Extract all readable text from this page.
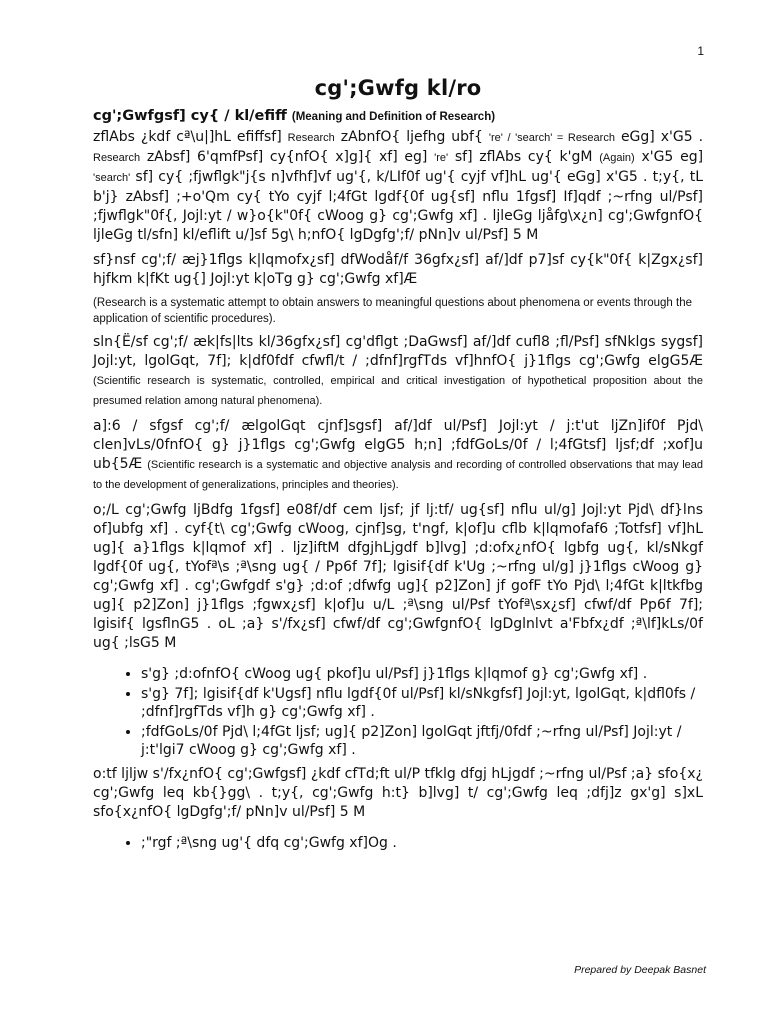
1
cg';Gwfg kl/ro
cg';Gwfgsf] cy{ / kl/efiff (Meaning and Definition of Research)

zflAbs ¿kdf cª\u|]hL efiffsf] Research zAbnfO{ ljefhg ubf{ 're' / 'search' = Research eGg] x'G5 . Research zAbsf] 6'qmfPsf] cy{nfO{ x]g]{ xf] eg] 're' sf] zflAbs cy{ k'gM (Again) x'G5 eg] 'search' sf] cy{ ;fjwflgk"j{s n]vfhf]vf ug'{, k/LIf0f ug'{ cyjf vf]hL ug'{ eGg] x'G5 . t;y{, tL b'j} zAbsf] ;+o'Qm cy{ tYo cyjf l;4fGt lgdf{0f ug{sf] nflu 1fgsf] If]qdf ;~rfng ul/Psf] ;fjwflgk"0f{, Jojl:yt / w}o{k"0f{ cWoog g} cg';Gwfg xf] . ljleGg ljåfg\x¿n] cg';GwfgnfO{ ljleGg tl/sfn] kl/eflift u/]sf 5g\ h;nfO{ lgDgfg';f/ pNn]v ul/Psf] 5 M

sf}nsf cg';f/ æj}1flgs k|lqmofx¿sf] dfWodåf/f 36gfx¿sf] af/]df p7]sf cy{k"0f{ k|Zgx¿sf] hjfkm k|fKt ug{] Jojl:yt k|oTg g} cg';Gwfg xf]Æ

(Research is a systematic attempt to obtain answers to meaningful questions about phenomena or events through the application of scientific procedures).

sln{Ë/sf cg';f/ æk|fs|lts kl/36gfx¿sf] cg'dflgt ;DaGwsf] af/]df cufl8 ;fl/Psf] sfNklgs sygsf] Jojl:yt, lgolGqt, 7f]; k|df0fdf cfwfl/t / ;dfnf]rgfTds vf]hnfO{ j}1flgs cg';Gwfg elgG5Æ (Scientific research is systematic, controlled, empirical and critical investigation of hypothetical proposition about the presumed relation among natural phenomena).

a]:6 / sfgsf cg';f/ ælgolGqt cjnf]sgsf] af/]df ul/Psf] Jojl:yt / j:t'ut ljZn]if0f Pjd\ clen]vLs/0fnfO{ g} j}1flgs cg';Gwfg elgG5 h;n] ;fdfGoLs/0f / l;4fGtsf] ljsf;df ;xof]u ub{5Æ (Scientific research is a systematic and objective analysis and recording of controlled observations that may lead to the development of generalizations, principles and theories).

o;/L cg';Gwfg ljBdfg 1fgsf] e08f/df cem ljsf; jf lj:tf/ ug{sf] nflu ul/g] Jojl:yt Pjd\ df}lns of]ubfg xf] . cyf{t\ cg';Gwfg cWoog, cjnf]sg, t'ngf, k|of]u cflb k|lqmofaf6 ;Totfsf] vf]hL ug]{ a}1flgs k|lqmof xf] . ljz]iftM dfgjhLjgdf b]lvg] ;d:ofx¿nfO{ lgbfg ug{, kl/sNkgf lgdf{0f ug{, tYofª\s ;ª\sng ug{ / Pp6f 7f]; lgisif{df k'Ug ;~rfng ul/g] j}1flgs cWoog g} cg';Gwfg xf] . cg';Gwfgdf s'g} ;d:of ;dfwfg ug]{ p2]Zon] jf gofF tYo Pjd\ l;4fGt k|ltkfbg ug]{ p2]Zon] j}1flgs ;fgwx¿sf] k|of]u u/L ;ª\sng ul/Psf tYofª\sx¿sf] cfwf/df Pp6f 7f]; lgisif{ lgsflnG5 . oL ;a} s'/fx¿sf] cfwf/df cg';GwfgnfO{ lgDglnlvt a'Fbfx¿df ;ª\lf]kLs/0f ug{ ;lsG5 M

• s'g} ;d:ofnfO{ cWoog ug{ pkof]u ul/Psf] j}1flgs k|lqmof g} cg';Gwfg xf] .
• s'g} 7f]; lgisif{df k'Ugsf] nflu lgdf{0f ul/Psf] kl/sNkgfsf] Jojl:yt, lgolGqt, k|dfl0fs / ;dfnf]rgfTds vf]h g} cg';Gwfg xf] .
• ;fdfGoLs/0f Pjd\ l;4fGt ljsf; ug]{ p2]Zon] lgolGqt jftfj/0fdf ;~rfng ul/Psf] Jojl:yt / j:t'lgi7 cWoog g} cg';Gwfg xf] .

o:tf ljljw s'/fx¿nfO{ cg';Gwfgsf] ¿kdf cfTd;ft ul/P tfklg dfgj hLjgdf ;~rfng ul/Psf ;a} sfo{x¿ cg';Gwfg leq kb{}gg\ . t;y{, cg';Gwfg h:t} b]lvg] t/ cg';Gwfg leq ;dfj]z gx'g] s]xL sfo{x¿nfO{ lgDgfg';f/ pNn]v ul/Psf] 5 M

• ;"rgf ;ª\sng ug'{ dfq cg';Gwfg xf]Og .
Prepared by Deepak Basnet
